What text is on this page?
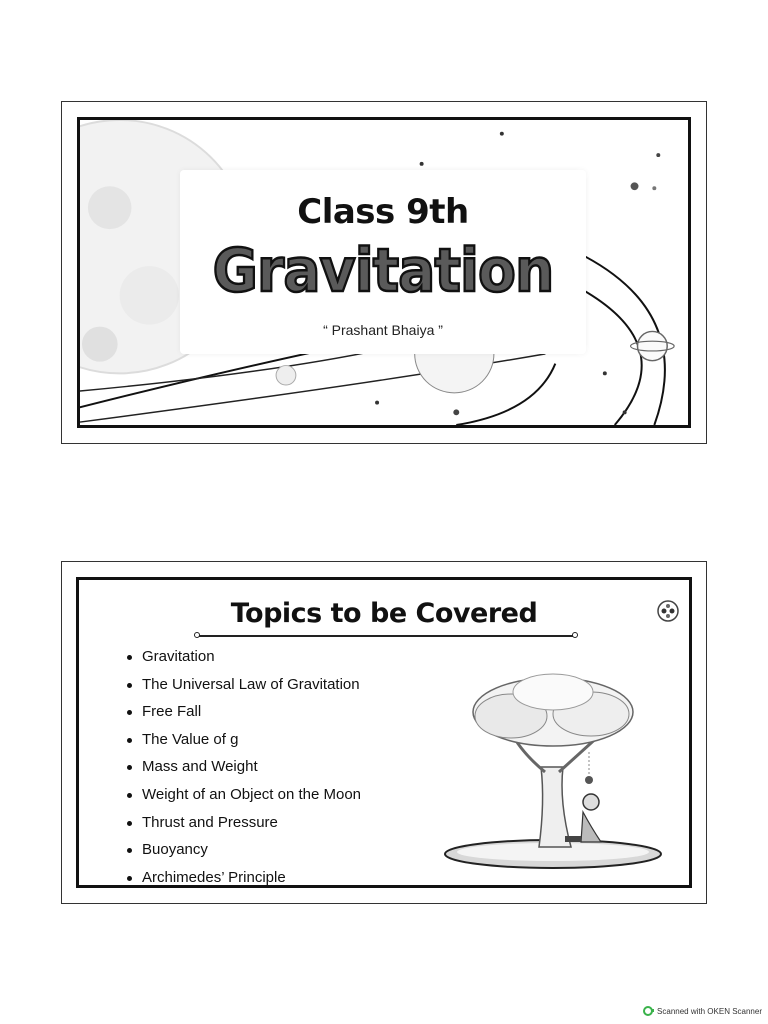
Class 9th
Gravitation
“ Prashant Bhaiya ”
Topics to be Covered
Gravitation
The Universal Law of Gravitation
Free Fall
The Value of g
Mass and Weight
Weight of an Object on the Moon
Thrust and Pressure
Buoyancy
Archimedes’ Principle
Scanned with OKEN Scanner
